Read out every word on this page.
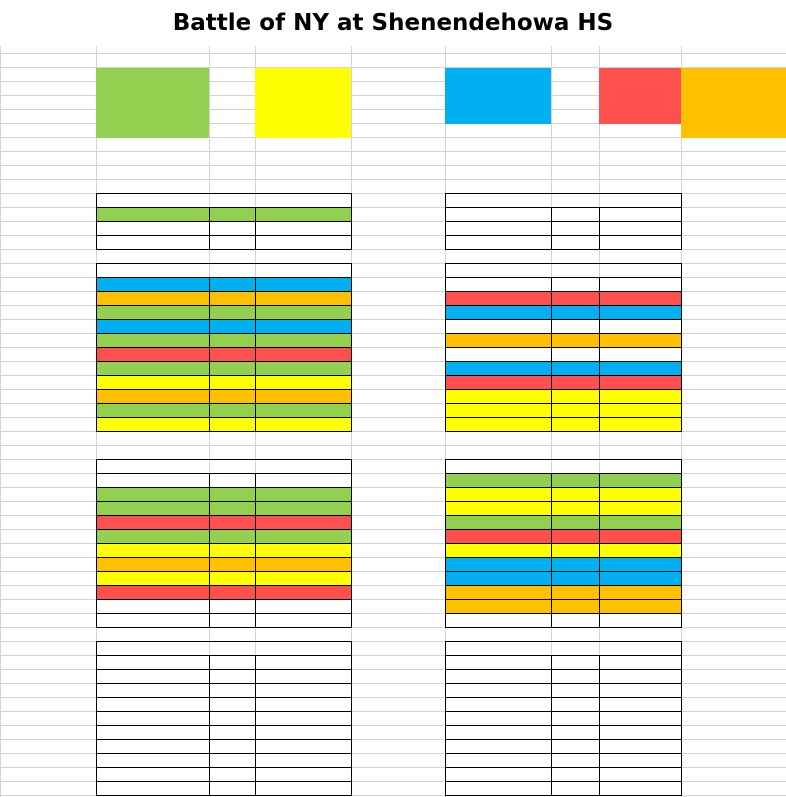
Battle of NY at Shenendehowa HS
